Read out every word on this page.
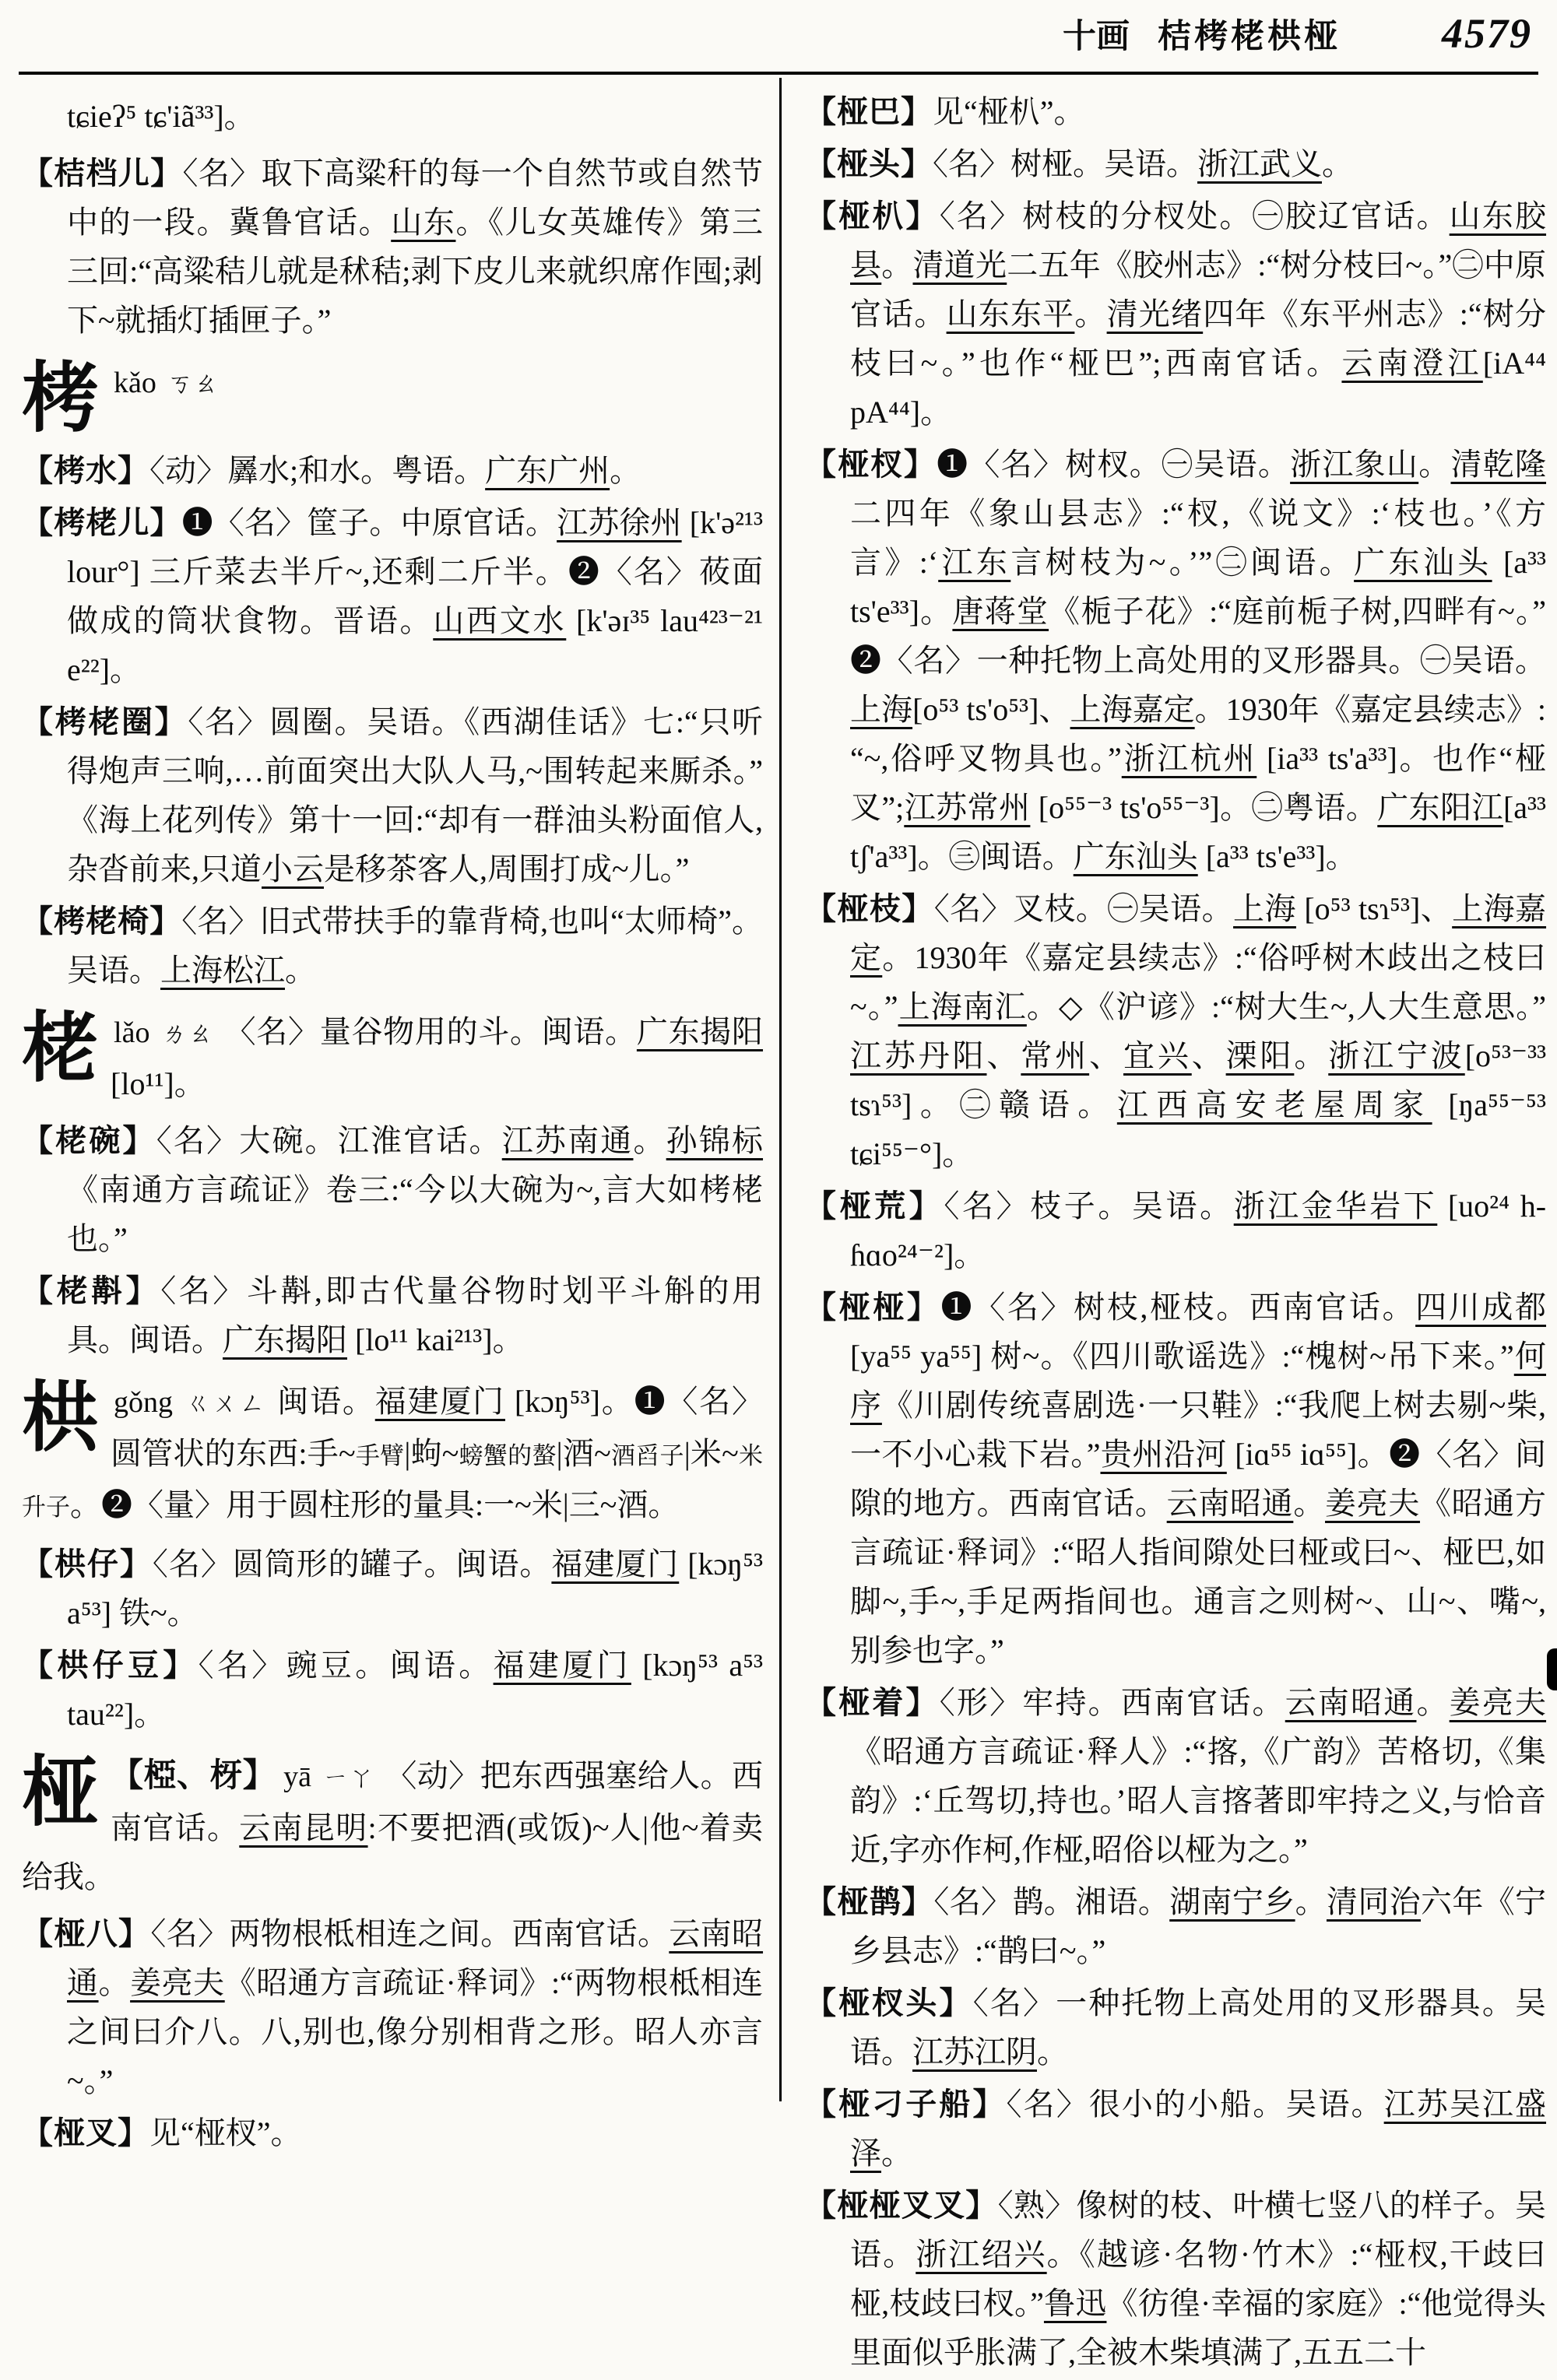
十画 桔栲栳栱桠 4579
tɕieʔ⁵ tɕ'iã³³]。
【桔档儿】〈名〉取下高粱秆的每一个自然节或自然节中的一段。冀鲁官话。山东。《儿女英雄传》第三三回:“高粱秸儿就是秫秸;剥下皮儿来就织席作囤;剥下~就插灯插匣子。”
栲kǎo ㄎㄠ
【栲水】〈动〉羼水;和水。粤语。广东广州。
【栲栳儿】❶〈名〉筐子。中原官话。江苏徐州 [k'ə²¹³ lour°] 三斤菜去半斤~,还剩二斤半。❷〈名〉莜面做成的筒状食物。晋语。山西文水 [k'əɪ³⁵ lau⁴²³⁻²¹ e²²]。
【栲栳圈】〈名〉圆圈。吴语。《西湖佳话》七:“只听得炮声三响,…前面突出大队人马,~围转起来厮杀。”《海上花列传》第十一回:“却有一群油头粉面倌人,杂沓前来,只道小云是移茶客人,周围打成~儿。”
【栲栳椅】〈名〉旧式带扶手的靠背椅,也叫“太师椅”。吴语。上海松江。
栳lǎo ㄌㄠ 〈名〉量谷物用的斗。闽语。广东揭阳 [lo¹¹]。
【栳碗】〈名〉大碗。江淮官话。江苏南通。孙锦标《南通方言疏证》卷三:“今以大碗为~,言大如栲栳也。”
【栳斠】〈名〉斗斠,即古代量谷物时划平斗斛的用具。闽语。广东揭阳 [lo¹¹ kai²¹³]。
栱gǒng ㄍㄨㄥ 闽语。福建厦门 [kɔŋ⁵³]。❶〈名〉圆管状的东西:手~手臂|蚼~螃蟹的螯|酒~酒舀子|米~米升子。❷〈量〉用于圆柱形的量具:一~米|三~酒。
【栱仔】〈名〉圆筒形的罐子。闽语。福建厦门 [kɔŋ⁵³ a⁵³] 铁~。
【栱仔豆】〈名〉豌豆。闽语。福建厦门 [kɔŋ⁵³ a⁵³ tau²²]。
桠 【椏、枒】 yā ㄧㄚ 〈动〉把东西强塞给人。西南官话。云南昆明:不要把酒(或饭)~人|他~着卖给我。
【桠八】〈名〉两物根柢相连之间。西南官话。云南昭通。姜亮夫《昭通方言疏证·释词》:“两物根柢相连之间曰介八。八,别也,像分别相背之形。昭人亦言~。”
【桠叉】见“桠杈”。
【桠巴】见“桠朳”。
【桠头】〈名〉树桠。吴语。浙江武义。
【桠朳】〈名〉树枝的分杈处。㊀胶辽官话。山东胶县。清道光二五年《胶州志》:“树分枝曰~。”㊁中原官话。山东东平。清光绪四年《东平州志》:“树分枝曰~。”也作“桠巴”;西南官话。云南澄江[iA⁴⁴ pA⁴⁴]。
【桠杈】❶〈名〉树杈。㊀吴语。浙江象山。清乾隆二四年《象山县志》:“杈,《说文》:‘枝也。’《方言》:‘江东言树枝为~。’”㊁闽语。广东汕头 [a³³ ts'e³³]。唐蒋堂《栀子花》:“庭前栀子树,四畔有~。”❷〈名〉一种托物上高处用的叉形器具。㊀吴语。上海[o⁵³ ts'o⁵³]、上海嘉定。1930年《嘉定县续志》:“~,俗呼叉物具也。”浙江杭州 [ia³³ ts'a³³]。也作“桠叉”;江苏常州 [o⁵⁵⁻³ ts'o⁵⁵⁻³]。㊁粤语。广东阳江[a³³ tʃ'a³³]。㊂闽语。广东汕头 [a³³ ts'e³³]。
【桠枝】〈名〉叉枝。㊀吴语。上海 [o⁵³ tsɿ⁵³]、上海嘉定。1930年《嘉定县续志》:“俗呼树木歧出之枝曰~。”上海南汇。◇《沪谚》:“树大生~,人大生意思。”江苏丹阳、常州、宜兴、溧阳。浙江宁波[o⁵³⁻³³ tsɿ⁵³]。㊁赣语。江西高安老屋周家 [ŋa⁵⁵⁻⁵³ tɕi⁵⁵⁻°]。
【桠荒】〈名〉枝子。吴语。浙江金华岩下 [uo²⁴ h-ɦɑo²⁴⁻²]。
【桠桠】❶〈名〉树枝,桠枝。西南官话。四川成都 [ya⁵⁵ ya⁵⁵] 树~。《四川歌谣选》:“槐树~吊下来。”何序《川剧传统喜剧选·一只鞋》:“我爬上树去剔~柴,一不小心栽下岩。”贵州沿河 [iɑ⁵⁵ iɑ⁵⁵]。❷〈名〉间隙的地方。西南官话。云南昭通。姜亮夫《昭通方言疏证·释词》:“昭人指间隙处曰桠或曰~、桠巴,如脚~,手~,手足两指间也。通言之则树~、山~、嘴~,别参也字。”
【桠着】〈形〉牢持。西南官话。云南昭通。姜亮夫《昭通方言疏证·释人》:“揢,《广韵》苦格切,《集韵》:‘丘驾切,持也。’昭人言揢著即牢持之义,与恰音近,字亦作柯,作桠,昭俗以桠为之。”
【桠鹊】〈名〉鹊。湘语。湖南宁乡。清同治六年《宁乡县志》:“鹊曰~。”
【桠杈头】〈名〉一种托物上高处用的叉形器具。吴语。江苏江阴。
【桠刁子船】〈名〉很小的小船。吴语。江苏吴江盛泽。
【桠桠叉叉】〈熟〉像树的枝、叶横七竖八的样子。吴语。浙江绍兴。《越谚·名物·竹木》:“桠杈,干歧曰桠,枝歧曰杈。”鲁迅《彷徨·幸福的家庭》:“他觉得头里面似乎胀满了,全被木柴填满了,五五二十
